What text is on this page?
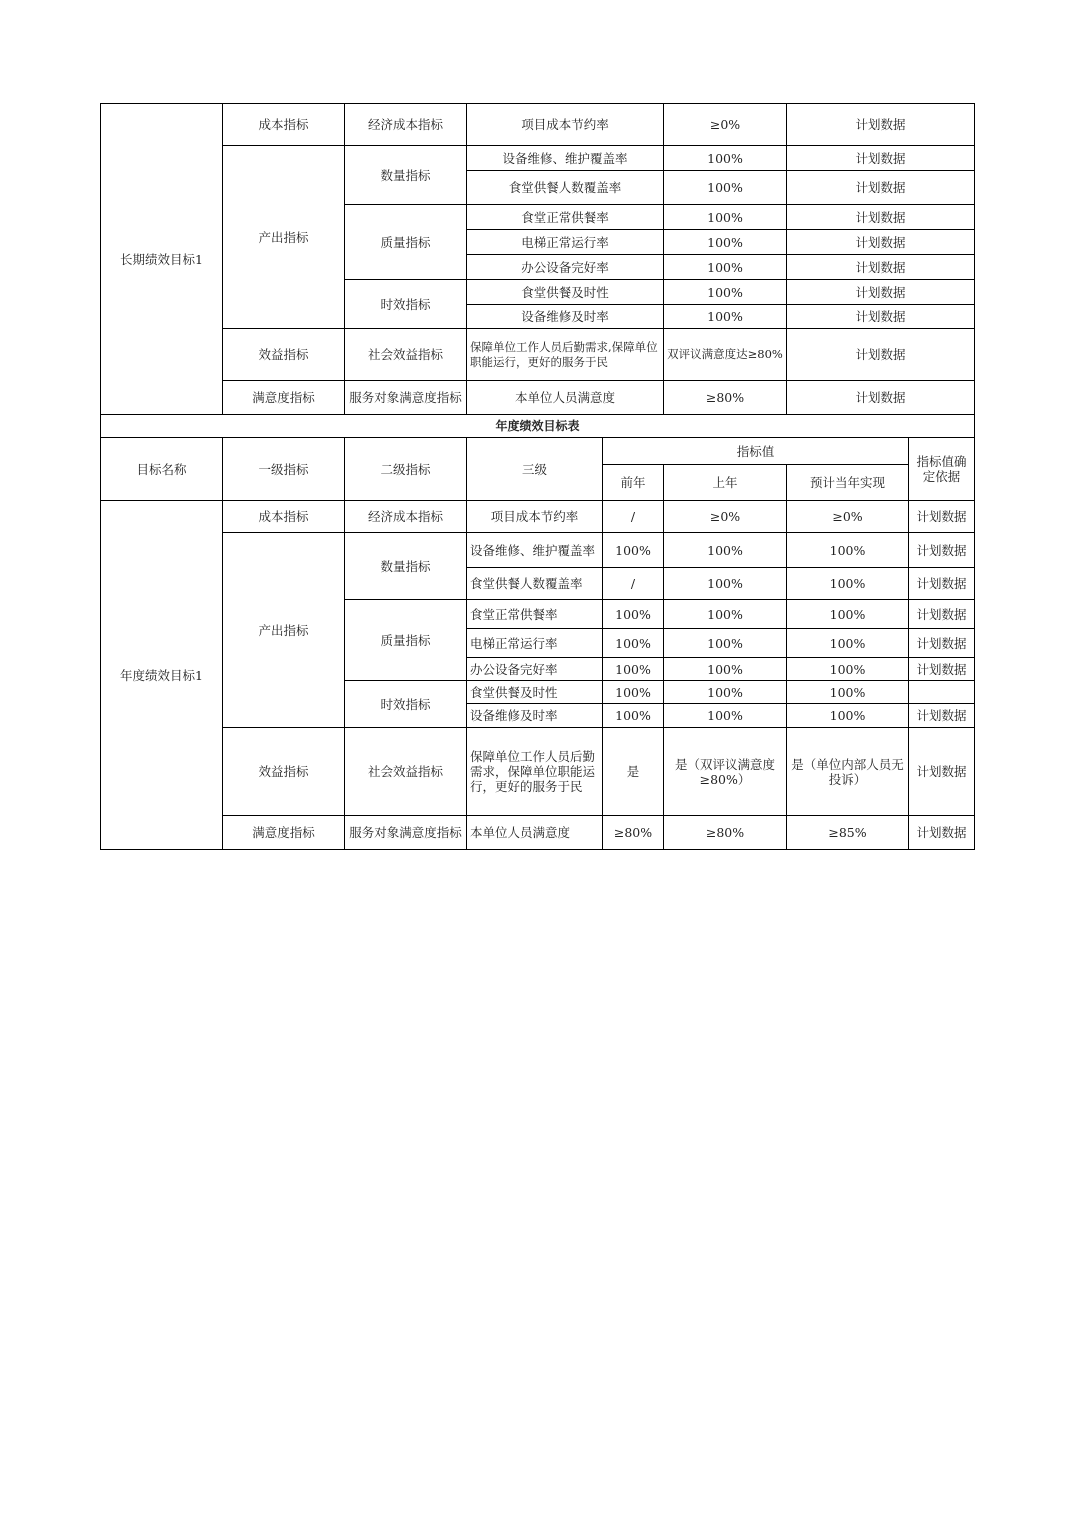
长期绩效目标1	成本指标	经济成本指标	项目成本节约率	≥0%	计划数据
	产出指标	数量指标	设备维修、维护覆盖率	100%	计划数据
			食堂供餐人数覆盖率	100%	计划数据
		质量指标	食堂正常供餐率	100%	计划数据
			电梯正常运行率	100%	计划数据
			办公设备完好率	100%	计划数据
		时效指标	食堂供餐及时性	100%	计划数据
			设备维修及时率	100%	计划数据
	效益指标	社会效益指标	保障单位工作人员后勤需求,保障单位职能运行，更好的服务于民	双评议满意度达≥80%	计划数据
	满意度指标	服务对象满意度指标	本单位人员满意度	≥80%	计划数据
年度绩效目标表							
目标名称	一级指标	二级指标	三级	指标值			指标值确定依据
				前年	上年	预计当年实现	
年度绩效目标1	成本指标	经济成本指标	项目成本节约率	/	≥0%	≥0%	计划数据
	产出指标	数量指标	设备维修、维护覆盖率	100%	100%	100%	计划数据
			食堂供餐人数覆盖率	/	100%	100%	计划数据
		质量指标	食堂正常供餐率	100%	100%	100%	计划数据
			电梯正常运行率	100%	100%	100%	计划数据
			办公设备完好率	100%	100%	100%	计划数据
		时效指标	食堂供餐及时性	100%	100%	100%	
			设备维修及时率	100%	100%	100%	计划数据
	效益指标	社会效益指标	保障单位工作人员后勤需求，保障单位职能运行，更好的服务于民	是	是（双评议满意度≥80%）	是（单位内部人员无投诉）	计划数据
	满意度指标	服务对象满意度指标	本单位人员满意度	≥80%	≥80%	≥85%	计划数据
